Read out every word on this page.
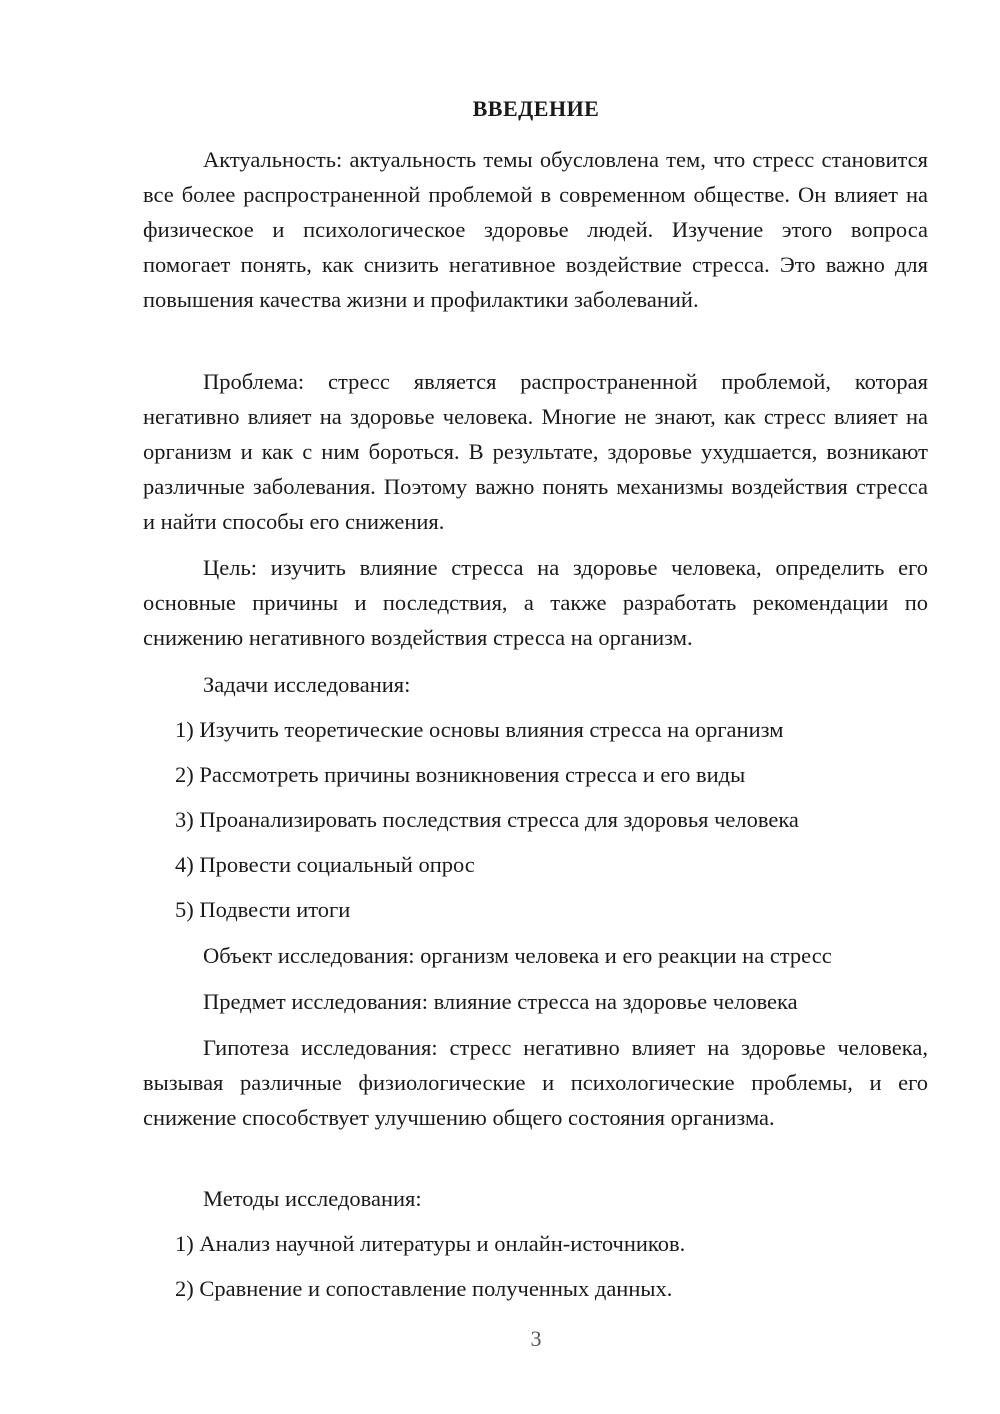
ВВЕДЕНИЕ
Актуальность: актуальность темы обусловлена тем, что стресс становится все более распространенной проблемой в современном обществе. Он влияет на физическое и психологическое здоровье людей. Изучение этого вопроса помогает понять, как снизить негативное воздействие стресса. Это важно для повышения качества жизни и профилактики заболеваний.
Проблема: стресс является распространенной проблемой, которая негативно влияет на здоровье человека. Многие не знают, как стресс влияет на организм и как с ним бороться. В результате, здоровье ухудшается, возникают различные заболевания. Поэтому важно понять механизмы воздействия стресса и найти способы его снижения.
Цель: изучить влияние стресса на здоровье человека, определить его основные причины и последствия, а также разработать рекомендации по снижению негативного воздействия стресса на организм.
Задачи исследования:
1) Изучить теоретические основы влияния стресса на организм
2) Рассмотреть причины возникновения стресса и его виды
3) Проанализировать последствия стресса для здоровья человека
4) Провести социальный опрос
5) Подвести итоги
Объект исследования: организм человека и его реакции на стресс
Предмет исследования: влияние стресса на здоровье человека
Гипотеза исследования: стресс негативно влияет на здоровье человека, вызывая различные физиологические и психологические проблемы, и его снижение способствует улучшению общего состояния организма.
Методы исследования:
1) Анализ научной литературы и онлайн-источников.
2) Сравнение и сопоставление полученных данных.
3
